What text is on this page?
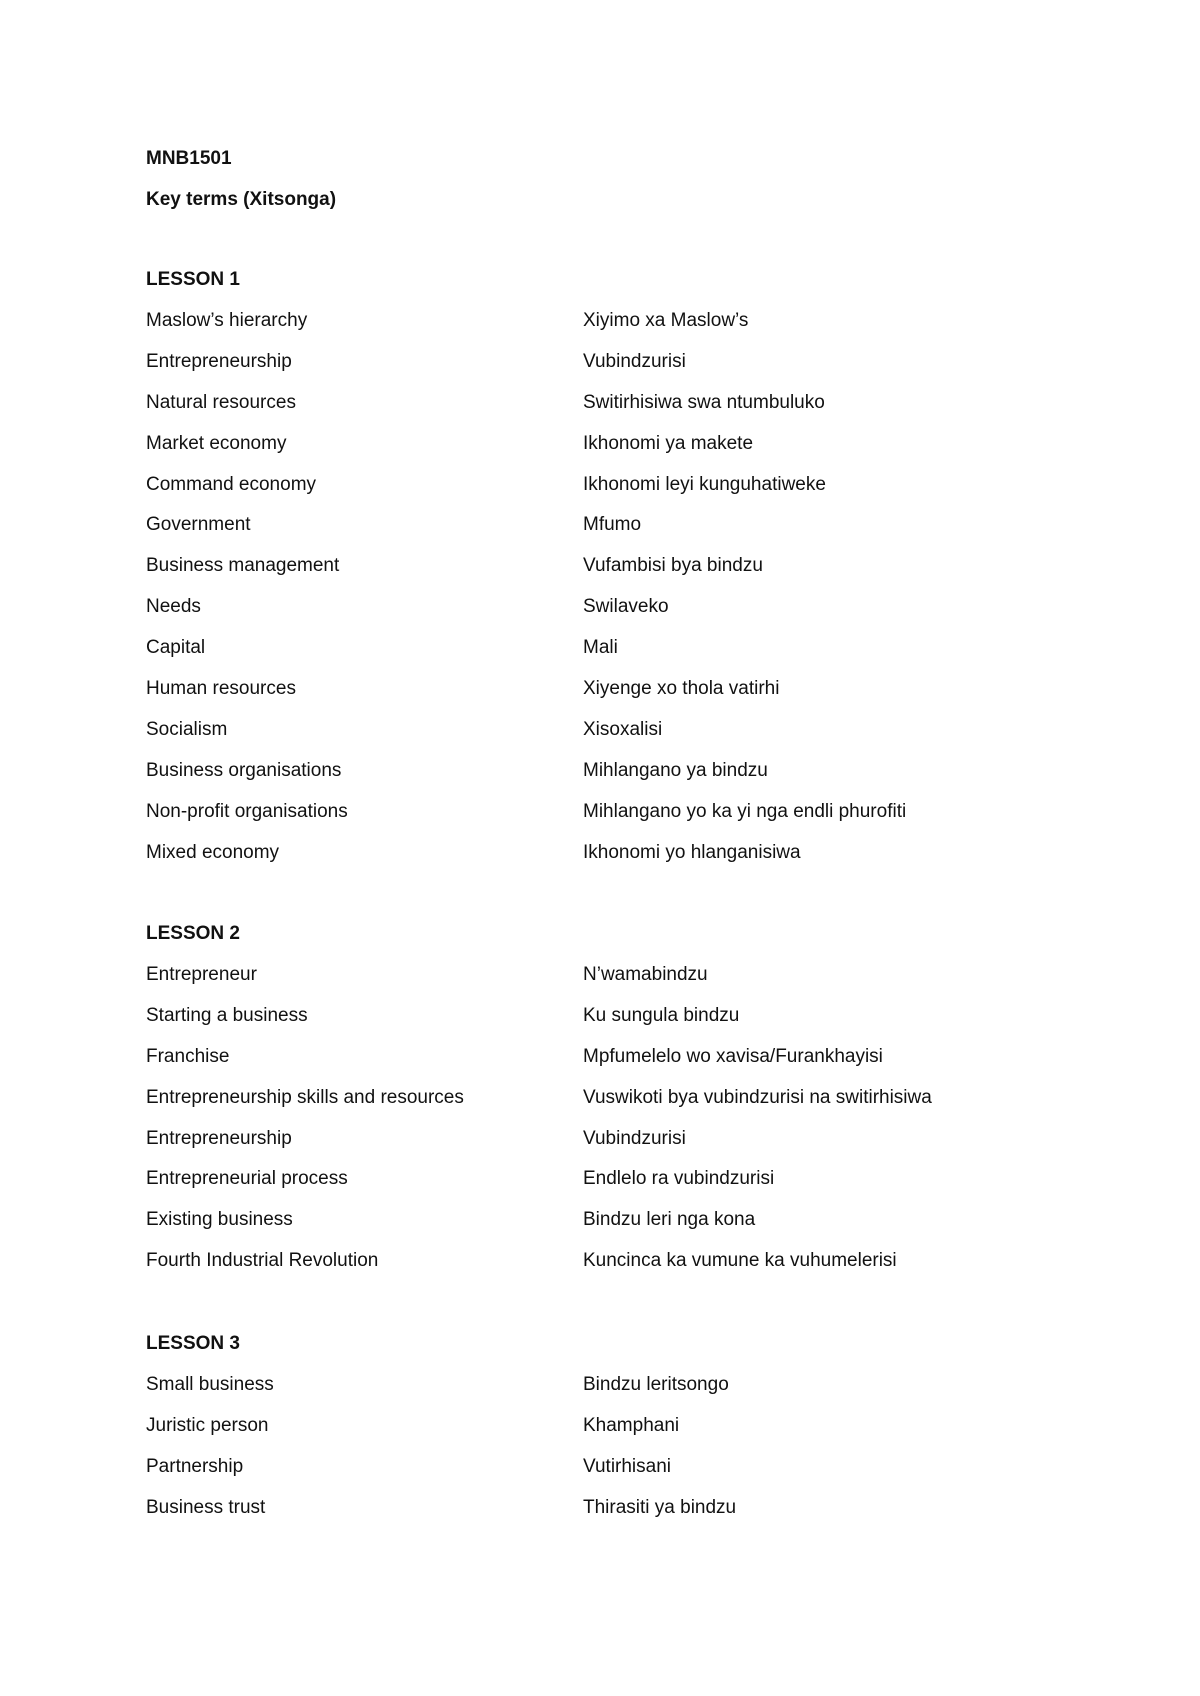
MNB1501
Key terms (Xitsonga)
LESSON 1
Maslow’s hierarchy	Xiyimo xa Maslow’s
Entrepreneurship	Vubindzurisi
Natural resources	Switirhisiwa swa ntumbuluko
Market economy	Ikhonomi ya makete
Command economy	Ikhonomi leyi kunguhatiweke
Government	Mfumo
Business management	Vufambisi bya bindzu
Needs	Swilaveko
Capital	Mali
Human resources	Xiyenge xo thola vatirhi
Socialism	Xisoxalisi
Business organisations	Mihlangano ya bindzu
Non-profit organisations	Mihlangano yo ka yi nga endli phurofiti
Mixed economy	Ikhonomi yo hlanganisiwa
LESSON 2
Entrepreneur	N’wamabindzu
Starting a business	Ku sungula bindzu
Franchise	Mpfumelelo wo xavisa/Furankhayisi
Entrepreneurship skills and resources	Vuswikoti bya vubindzurisi na switirhisiwa
Entrepreneurship	Vubindzurisi
Entrepreneurial process	Endlelo ra vubindzurisi
Existing business	Bindzu leri nga kona
Fourth Industrial Revolution	Kuncinca ka vumune ka vuhumelerisi
LESSON 3
Small business	Bindzu leritsongo
Juristic person	Khamphani
Partnership	Vutirhisani
Business trust	Thirasiti ya bindzu
